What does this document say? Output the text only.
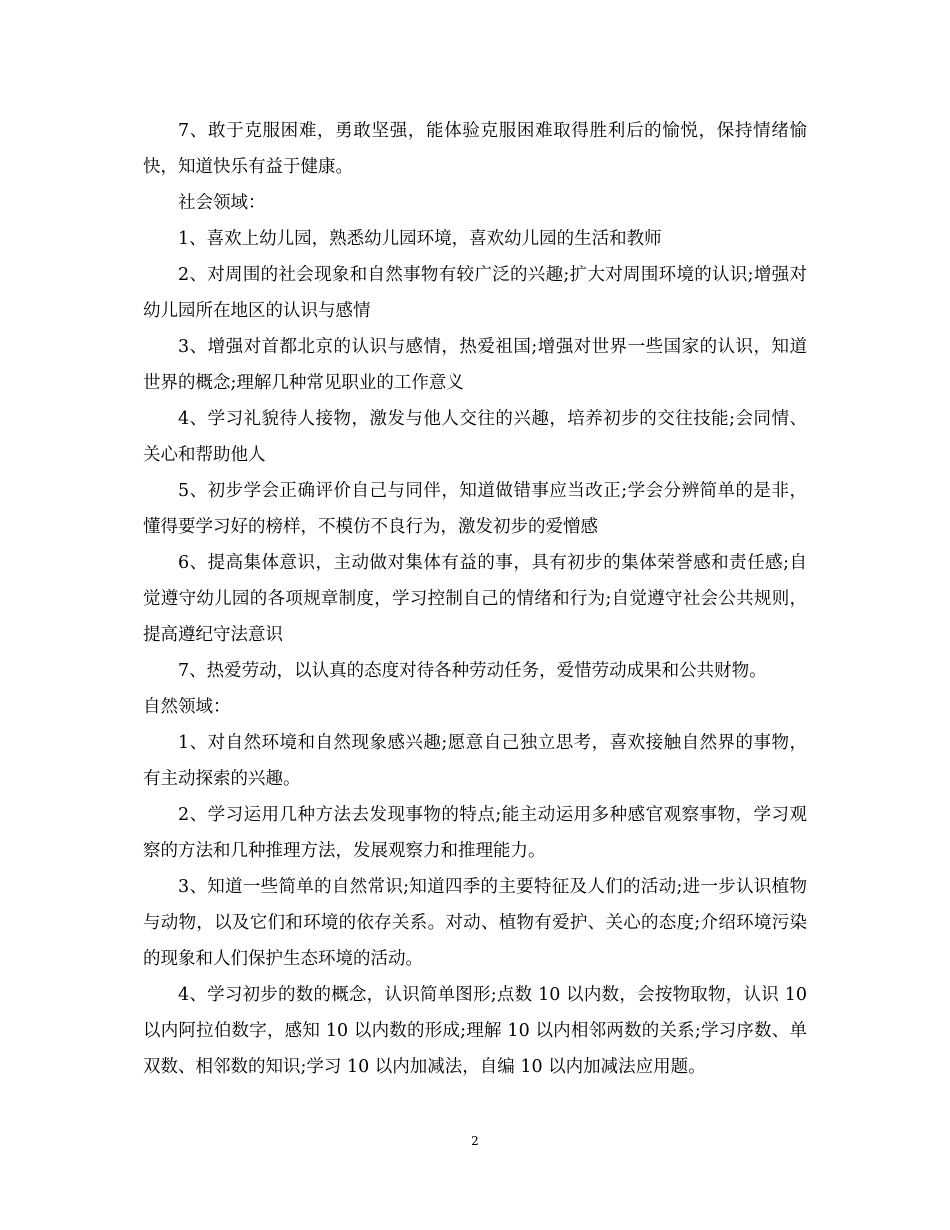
7、敢于克服困难，勇敢坚强，能体验克服困难取得胜利后的愉悦，保持情绪愉快，知道快乐有益于健康。

社会领域：

1、喜欢上幼儿园，熟悉幼儿园环境，喜欢幼儿园的生活和教师

2、对周围的社会现象和自然事物有较广泛的兴趣;扩大对周围环境的认识;增强对幼儿园所在地区的认识与感情

3、增强对首都北京的认识与感情，热爱祖国;增强对世界一些国家的认识，知道世界的概念;理解几种常见职业的工作意义

4、学习礼貌待人接物，激发与他人交往的兴趣，培养初步的交往技能;会同情、关心和帮助他人

5、初步学会正确评价自己与同伴，知道做错事应当改正;学会分辨简单的是非，懂得要学习好的榜样，不模仿不良行为，激发初步的爱憎感

6、提高集体意识，主动做对集体有益的事，具有初步的集体荣誉感和责任感;自觉遵守幼儿园的各项规章制度，学习控制自己的情绪和行为;自觉遵守社会公共规则，提高遵纪守法意识

7、热爱劳动，以认真的态度对待各种劳动任务，爱惜劳动成果和公共财物。

自然领域：

1、对自然环境和自然现象感兴趣;愿意自己独立思考，喜欢接触自然界的事物，有主动探索的兴趣。

2、学习运用几种方法去发现事物的特点;能主动运用多种感官观察事物，学习观察的方法和几种推理方法，发展观察力和推理能力。

3、知道一些简单的自然常识;知道四季的主要特征及人们的活动;进一步认识植物与动物，以及它们和环境的依存关系。对动、植物有爱护、关心的态度;介绍环境污染的现象和人们保护生态环境的活动。

4、学习初步的数的概念，认识简单图形;点数 10 以内数，会按物取物，认识 10 以内阿拉伯数字，感知 10 以内数的形成;理解 10 以内相邻两数的关系;学习序数、单双数、相邻数的知识;学习 10 以内加减法，自编 10 以内加减法应用题。

2
